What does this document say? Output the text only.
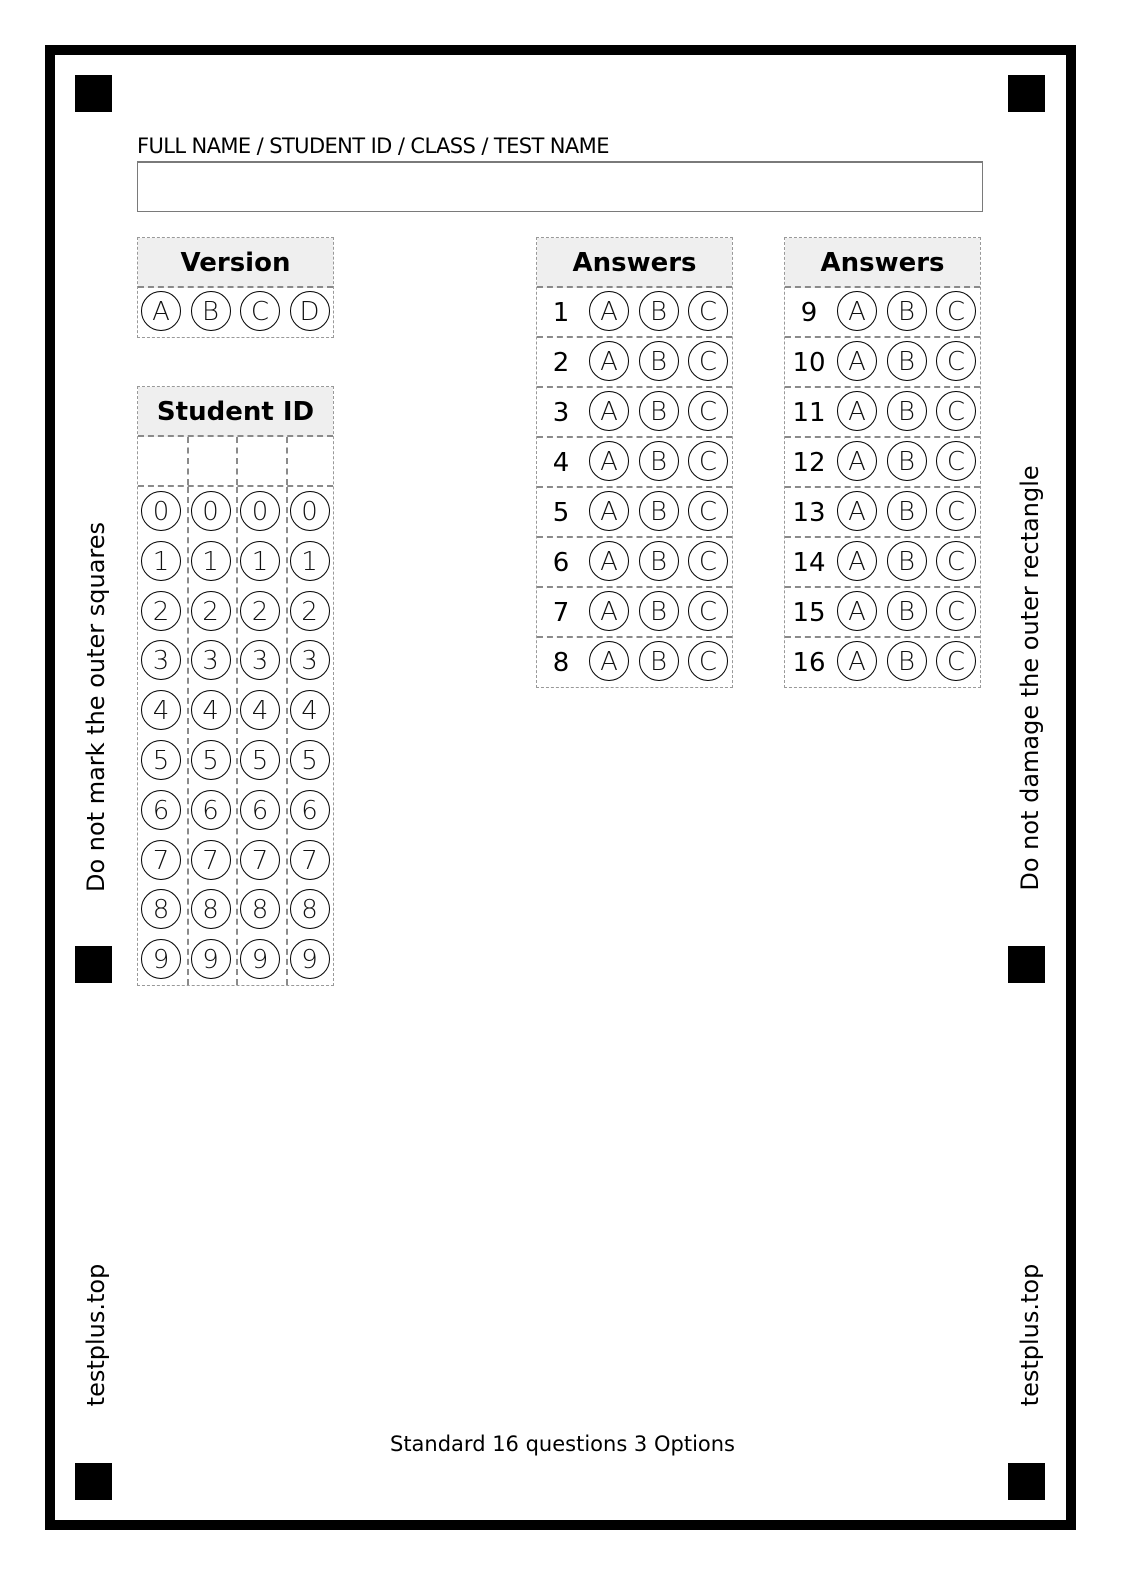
FULL NAME / STUDENT ID / CLASS / TEST NAME
Version
A	B	C	D
Student ID
0	0	0	0
1	1	1	1
2	2	2	2
3	3	3	3
4	4	4	4
5	5	5	5
6	6	6	6
7	7	7	7
8	8	8	8
9	9	9	9
Answers
1	A	B	C
2	A	B	C
3	A	B	C
4	A	B	C
5	A	B	C
6	A	B	C
7	A	B	C
8	A	B	C
Answers
9	A	B	C
10 A	B	C
11 A	B	C
12 A	B	C
13 A	B	C
14 A	B	C
15 A	B	C
16 A	B	C
Do not mark the outer squares	Do not damage the outer rectangle
testplus.top	testplus.top
Standard 16 questions 3 Options
